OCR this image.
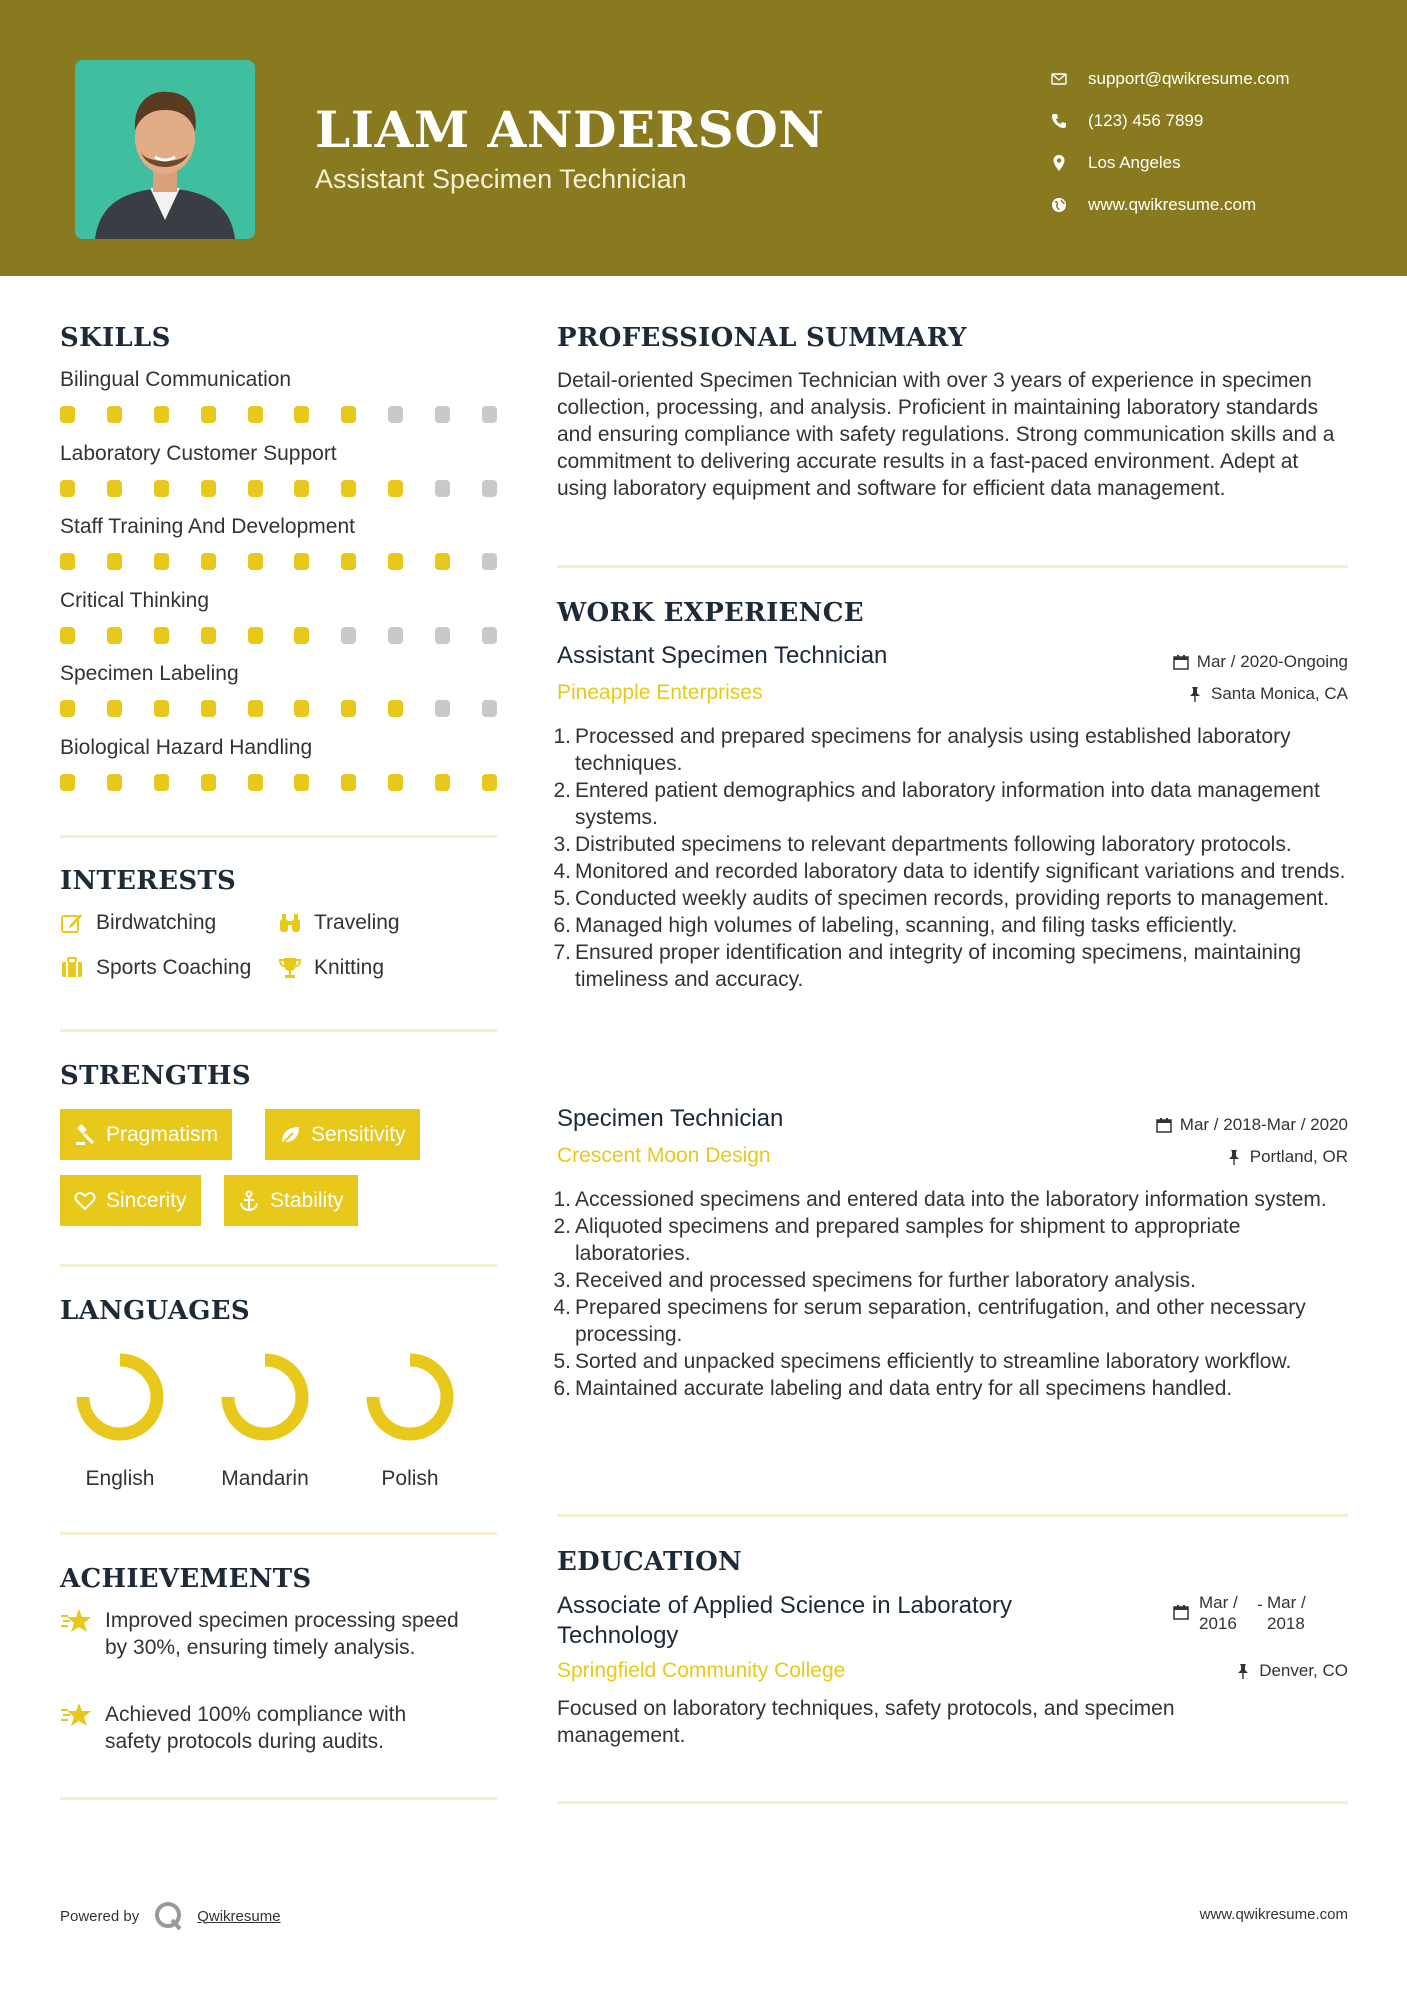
LIAM ANDERSON
Assistant Specimen Technician
support@qwikresume.com
(123) 456 7899
Los Angeles
www.qwikresume.com
SKILLS
Bilingual Communication
Laboratory Customer Support
Staff Training And Development
Critical Thinking
Specimen Labeling
Biological Hazard Handling
INTERESTS
Birdwatching	Traveling
Sports Coaching	Knitting
STRENGTHS
Pragmatism	Sensitivity
Sincerity	Stability
LANGUAGES
English	Mandarin	Polish
ACHIEVEMENTS
Improved specimen processing speed by 30%, ensuring timely analysis.
Achieved 100% compliance with safety protocols during audits.
PROFESSIONAL SUMMARY
Detail-oriented Specimen Technician with over 3 years of experience in specimen collection, processing, and analysis. Proficient in maintaining laboratory standards and ensuring compliance with safety regulations. Strong communication skills and a commitment to delivering accurate results in a fast-paced environment. Adept at using laboratory equipment and software for efficient data management.
WORK EXPERIENCE
Assistant Specimen Technician	Mar / 2020-Ongoing
Pineapple Enterprises	Santa Monica, CA
1. Processed and prepared specimens for analysis using established laboratory techniques.
2. Entered patient demographics and laboratory information into data management systems.
3. Distributed specimens to relevant departments following laboratory protocols.
4. Monitored and recorded laboratory data to identify significant variations and trends.
5. Conducted weekly audits of specimen records, providing reports to management.
6. Managed high volumes of labeling, scanning, and filing tasks efficiently.
7. Ensured proper identification and integrity of incoming specimens, maintaining timeliness and accuracy.
Specimen Technician	Mar / 2018-Mar / 2020
Crescent Moon Design	Portland, OR
1. Accessioned specimens and entered data into the laboratory information system.
2. Aliquoted specimens and prepared samples for shipment to appropriate laboratories.
3. Received and processed specimens for further laboratory analysis.
4. Prepared specimens for serum separation, centrifugation, and other necessary processing.
5. Sorted and unpacked specimens efficiently to streamline laboratory workflow.
6. Maintained accurate labeling and data entry for all specimens handled.
EDUCATION
Associate of Applied Science in Laboratory Technology
Mar / 2016
- Mar / 2018
Springfield Community College	Denver, CO
Focused on laboratory techniques, safety protocols, and specimen management.
Powered by	Qwikresume	www.qwikresume.com
